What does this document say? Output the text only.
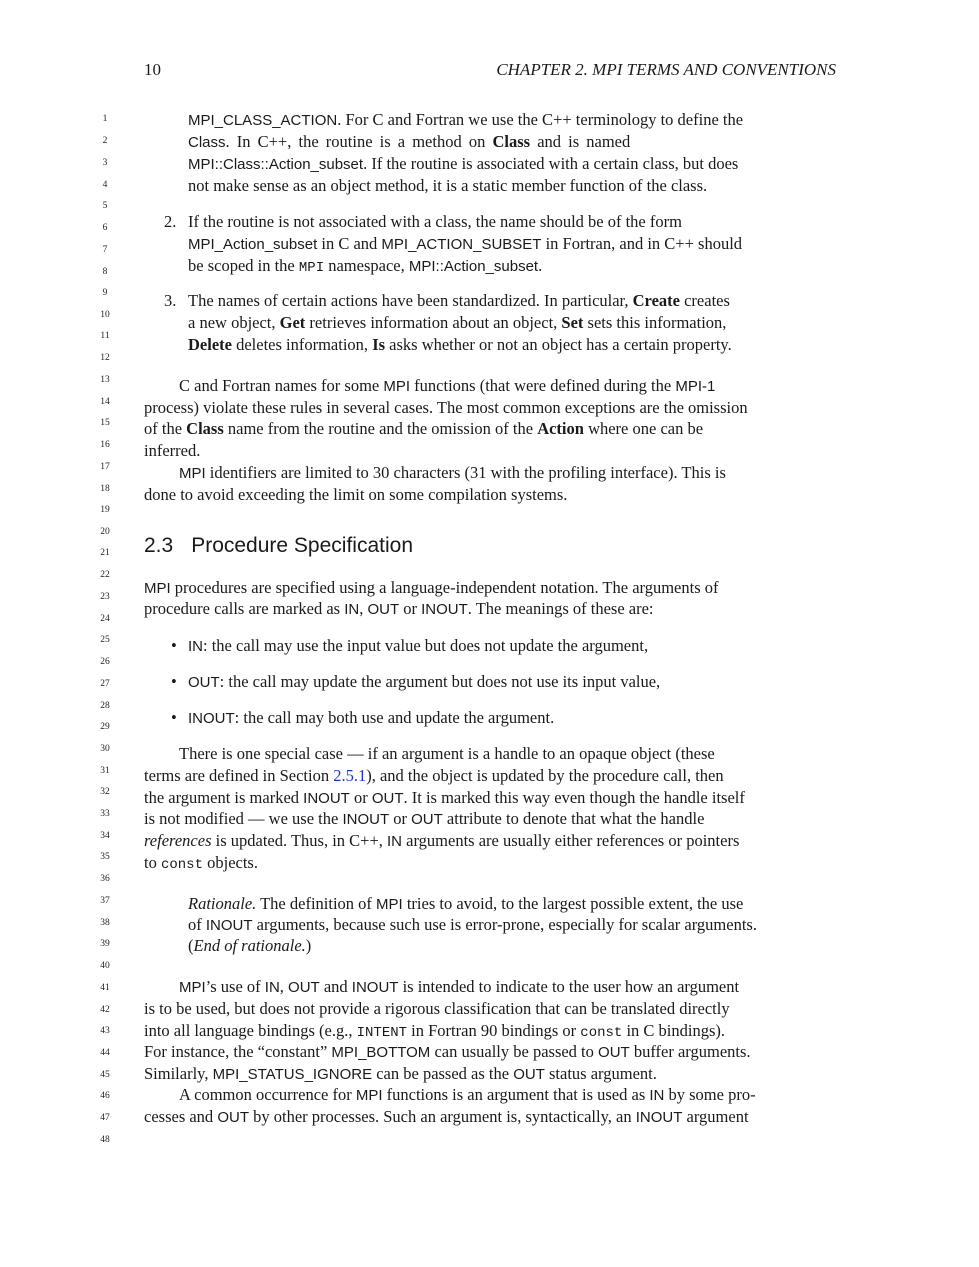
10	CHAPTER 2. MPI TERMS AND CONVENTIONS
1
2
3
4
5
6
7
8
9
10
11
12
13
14
15
16
17
18
19
20
21
22
23
24
25
26
27
28
29
30
31
32
33
34
35
36
37
38
39
40
41
42
43
44
45
46
47
48
MPI_CLASS_ACTION. For C and Fortran we use the C++ terminology to define the
Class. In C++, the routine is a method on Class and is named
MPI::Class::Action_subset. If the routine is associated with a certain class, but does
not make sense as an object method, it is a static member function of the class.
2. If the routine is not associated with a class, the name should be of the form
MPI_Action_subset in C and MPI_ACTION_SUBSET in Fortran, and in C++ should
be scoped in the MPI namespace, MPI::Action_subset.
3. The names of certain actions have been standardized. In particular, Create creates
a new object, Get retrieves information about an object, Set sets this information,
Delete deletes information, Is asks whether or not an object has a certain property.
C and Fortran names for some MPI functions (that were defined during the MPI-1
process) violate these rules in several cases. The most common exceptions are the omission
of the Class name from the routine and the omission of the Action where one can be
inferred.
MPI identifiers are limited to 30 characters (31 with the profiling interface). This is
done to avoid exceeding the limit on some compilation systems.
2.3 Procedure Specification
MPI procedures are specified using a language-independent notation. The arguments of
procedure calls are marked as IN, OUT or INOUT. The meanings of these are:
• IN: the call may use the input value but does not update the argument,
• OUT: the call may update the argument but does not use its input value,
• INOUT: the call may both use and update the argument.
There is one special case — if an argument is a handle to an opaque object (these
terms are defined in Section 2.5.1), and the object is updated by the procedure call, then
the argument is marked INOUT or OUT. It is marked this way even though the handle itself
is not modified — we use the INOUT or OUT attribute to denote that what the handle
references is updated. Thus, in C++, IN arguments are usually either references or pointers
to const objects.
Rationale. The definition of MPI tries to avoid, to the largest possible extent, the use
of INOUT arguments, because such use is error-prone, especially for scalar arguments.
(End of rationale.)
MPI’s use of IN, OUT and INOUT is intended to indicate to the user how an argument
is to be used, but does not provide a rigorous classification that can be translated directly
into all language bindings (e.g., INTENT in Fortran 90 bindings or const in C bindings).
For instance, the “constant” MPI_BOTTOM can usually be passed to OUT buffer arguments.
Similarly, MPI_STATUS_IGNORE can be passed as the OUT status argument.
A common occurrence for MPI functions is an argument that is used as IN by some pro-
cesses and OUT by other processes. Such an argument is, syntactically, an INOUT argument
